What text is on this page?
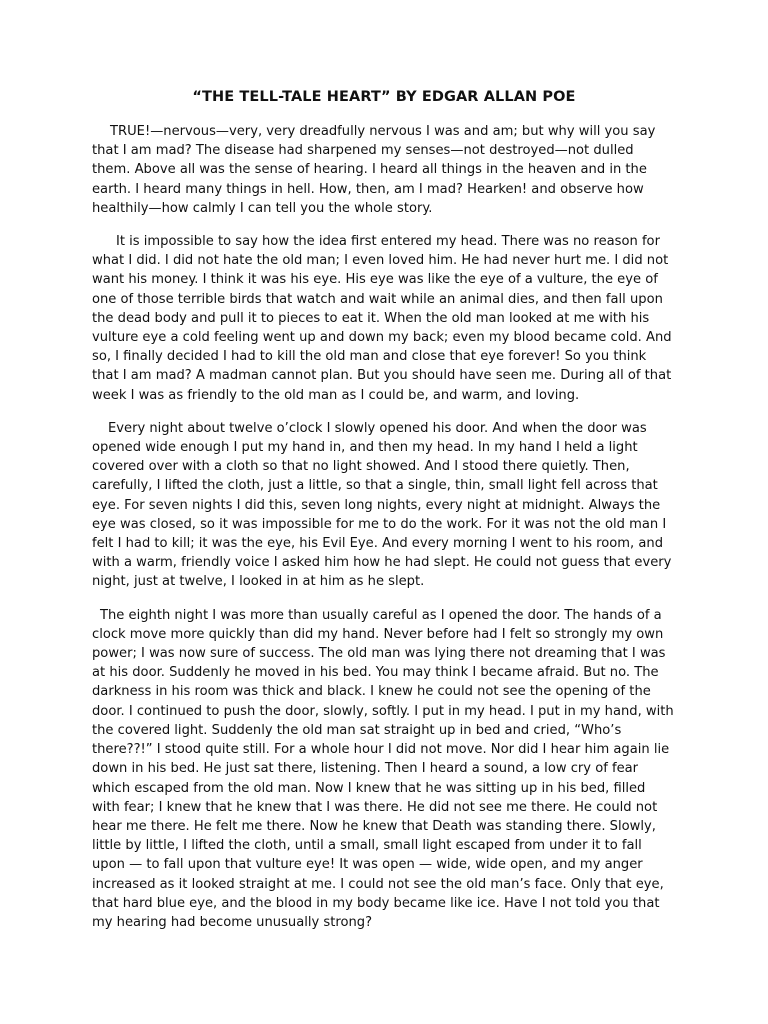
“THE TELL-TALE HEART” BY EDGAR ALLAN POE

TRUE!—nervous—very, very dreadfully nervous I was and am; but why will you say that I am mad? The disease had sharpened my senses—not destroyed—not dulled them. Above all was the sense of hearing. I heard all things in the heaven and in the earth. I heard many things in hell. How, then, am I mad? Hearken! and observe how healthily—how calmly I can tell you the whole story.

It is impossible to say how the idea first entered my head. There was no reason for what I did. I did not hate the old man; I even loved him. He had never hurt me. I did not want his money. I think it was his eye. His eye was like the eye of a vulture, the eye of one of those terrible birds that watch and wait while an animal dies, and then fall upon the dead body and pull it to pieces to eat it. When the old man looked at me with his vulture eye a cold feeling went up and down my back; even my blood became cold. And so, I finally decided I had to kill the old man and close that eye forever! So you think that I am mad? A madman cannot plan. But you should have seen me. During all of that week I was as friendly to the old man as I could be, and warm, and loving.

Every night about twelve o’clock I slowly opened his door. And when the door was opened wide enough I put my hand in, and then my head. In my hand I held a light covered over with a cloth so that no light showed. And I stood there quietly. Then, carefully, I lifted the cloth, just a little, so that a single, thin, small light fell across that eye. For seven nights I did this, seven long nights, every night at midnight. Always the eye was closed, so it was impossible for me to do the work. For it was not the old man I felt I had to kill; it was the eye, his Evil Eye. And every morning I went to his room, and with a warm, friendly voice I asked him how he had slept. He could not guess that every night, just at twelve, I looked in at him as he slept.

The eighth night I was more than usually careful as I opened the door. The hands of a clock move more quickly than did my hand. Never before had I felt so strongly my own power; I was now sure of success. The old man was lying there not dreaming that I was at his door. Suddenly he moved in his bed. You may think I became afraid. But no. The darkness in his room was thick and black. I knew he could not see the opening of the door. I continued to push the door, slowly, softly. I put in my head. I put in my hand, with the covered light. Suddenly the old man sat straight up in bed and cried, “Who’s there??!” I stood quite still. For a whole hour I did not move. Nor did I hear him again lie down in his bed. He just sat there, listening. Then I heard a sound, a low cry of fear which escaped from the old man. Now I knew that he was sitting up in his bed, filled with fear; I knew that he knew that I was there. He did not see me there. He could not hear me there. He felt me there. Now he knew that Death was standing there. Slowly, little by little, I lifted the cloth, until a small, small light escaped from under it to fall upon — to fall upon that vulture eye! It was open — wide, wide open, and my anger increased as it looked straight at me. I could not see the old man’s face. Only that eye, that hard blue eye, and the blood in my body became like ice. Have I not told you that my hearing had become unusually strong?
